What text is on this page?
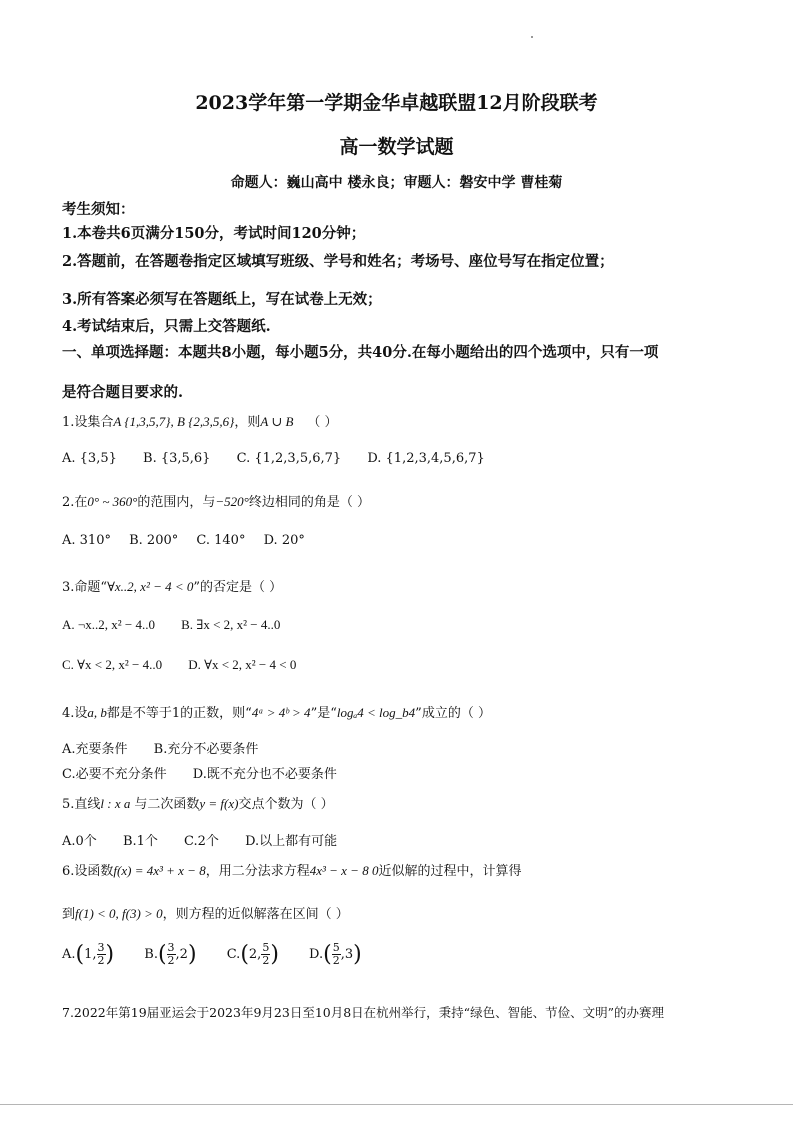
2023学年第一学期金华卓越联盟12月阶段联考
高一数学试题
命题人：巍山高中 楼永良；审题人：磐安中学 曹桂菊
考生须知：
1.本卷共6页满分150分，考试时间120分钟；
2.答题前，在答题卷指定区域填写班级、学号和姓名；考场号、座位号写在指定位置；
3.所有答案必须写在答题纸上，写在试卷上无效；
4.考试结束后，只需上交答题纸.
一、单项选择题：本题共8小题，每小题5分，共40分.在每小题给出的四个选项中，只有一项
是符合题目要求的.
1.设集合A {1,3,5,7}, B {2,3,5,6}，则A ∪ B （ ）
A. {3,5} B. {3,5,6} C. {1,2,3,5,6,7} D. {1,2,3,4,5,6,7}
2.在0° ~ 360°的范围内，与−520°终边相同的角是（ ）
A. 310° B. 200° C. 140° D. 20°
3.命题“∀x..2, x² − 4 < 0”的否定是（ ）
A. ¬x..2, x² − 4..0 B. ∃x < 2, x² − 4..0
C. ∀x < 2, x² − 4..0 D. ∀x < 2, x² − 4 < 0
4.设a, b都是不等于1的正数，则“4ᵃ > 4ᵇ > 4”是“logₐ4 < log_b4”成立的（ ）
A.充要条件 B.充分不必要条件
C.必要不充分条件 D.既不充分也不必要条件
5.直线l : x a 与二次函数y = f(x)交点个数为（ ）
A.0个 B.1个 C.2个 D.以上都有可能
6.设函数f(x) = 4x³ + x − 8，用二分法求方程4x³ − x − 8 0近似解的过程中，计算得
到f(1) < 0, f(3) > 0，则方程的近似解落在区间（ ）
A.(1, $\frac{3}{2}$ ) $B.( \frac{3}{2} ,2)$ C.(2, $\frac{5}{2}$ ) $D.( \frac{5}{2} ,3)$
7.2022年第19届亚运会于2023年9月23日至10月8日在杭州举行，秉持“绿色、智能、节俭、文明”的办赛理
